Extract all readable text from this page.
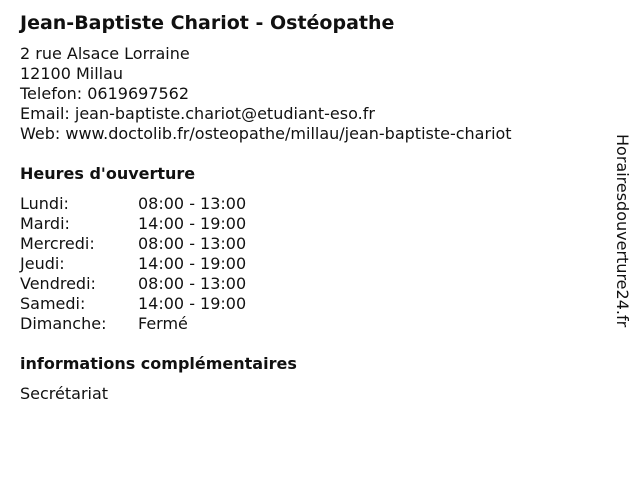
Jean-Baptiste Chariot - Ostéopathe
2 rue Alsace Lorraine
12100 Millau
Telefon: 0619697562
Email: jean-baptiste.chariot@etudiant-eso.fr
Web: www.doctolib.fr/osteopathe/millau/jean-baptiste-chariot
Heures d'ouverture
Lundi:	08:00 - 13:00
Mardi:	14:00 - 19:00
Mercredi:	08:00 - 13:00
Jeudi:	14:00 - 19:00
Vendredi:	08:00 - 13:00
Samedi:	14:00 - 19:00
Dimanche: Fermé
informations complémentaires
Secrétariat
Horairesdouverture24.fr
